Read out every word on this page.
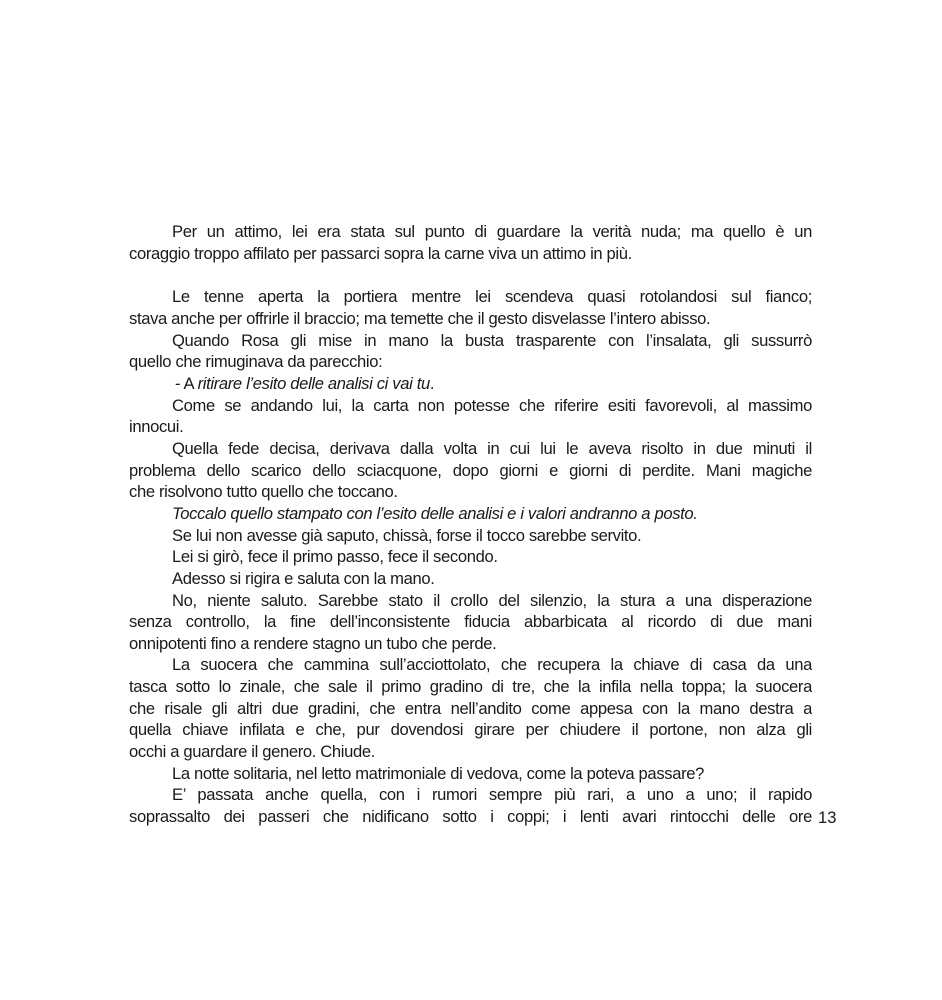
Per un attimo, lei era stata sul punto di guardare la verità nuda; ma quello è un
coraggio troppo affilato per passarci sopra la carne viva un attimo in più.
Le tenne aperta la portiera mentre lei scendeva quasi rotolandosi sul fianco;
stava anche per offrirle il braccio; ma temette che il gesto disvelasse l’intero abisso.
Quando Rosa gli mise in mano la busta trasparente con l’insalata, gli sussurrò
quello che rimuginava da parecchio:
- A ritirare l’esito delle analisi ci vai tu.
Come se andando lui, la carta non potesse che riferire esiti favorevoli, al massimo
innocui.
Quella fede decisa, derivava dalla volta in cui lui le aveva risolto in due minuti il
problema dello scarico dello sciacquone, dopo giorni e giorni di perdite. Mani magiche
che risolvono tutto quello che toccano.
Toccalo quello stampato con l’esito delle analisi e i valori andranno a posto.
Se lui non avesse già saputo, chissà, forse il tocco sarebbe servito.
Lei si girò, fece il primo passo, fece il secondo.
Adesso si rigira e saluta con la mano.
No, niente saluto. Sarebbe stato il crollo del silenzio, la stura a una disperazione
senza controllo, la fine dell’inconsistente fiducia abbarbicata al ricordo di due mani
onnipotenti fino a rendere stagno un tubo che perde.
La suocera che cammina sull’acciottolato, che recupera la chiave di casa da una
tasca sotto lo zinale, che sale il primo gradino di tre, che la infila nella toppa; la suocera
che risale gli altri due gradini, che entra nell’andito come appesa con la mano destra a
quella chiave infilata e che, pur dovendosi girare per chiudere il portone, non alza gli
occhi a guardare il genero. Chiude.
La notte solitaria, nel letto matrimoniale di vedova, come la poteva passare?
E’ passata anche quella, con i rumori sempre più rari, a uno a uno; il rapido
soprassalto dei passeri che nidificano sotto i coppi; i lenti avari rintocchi delle ore 13
